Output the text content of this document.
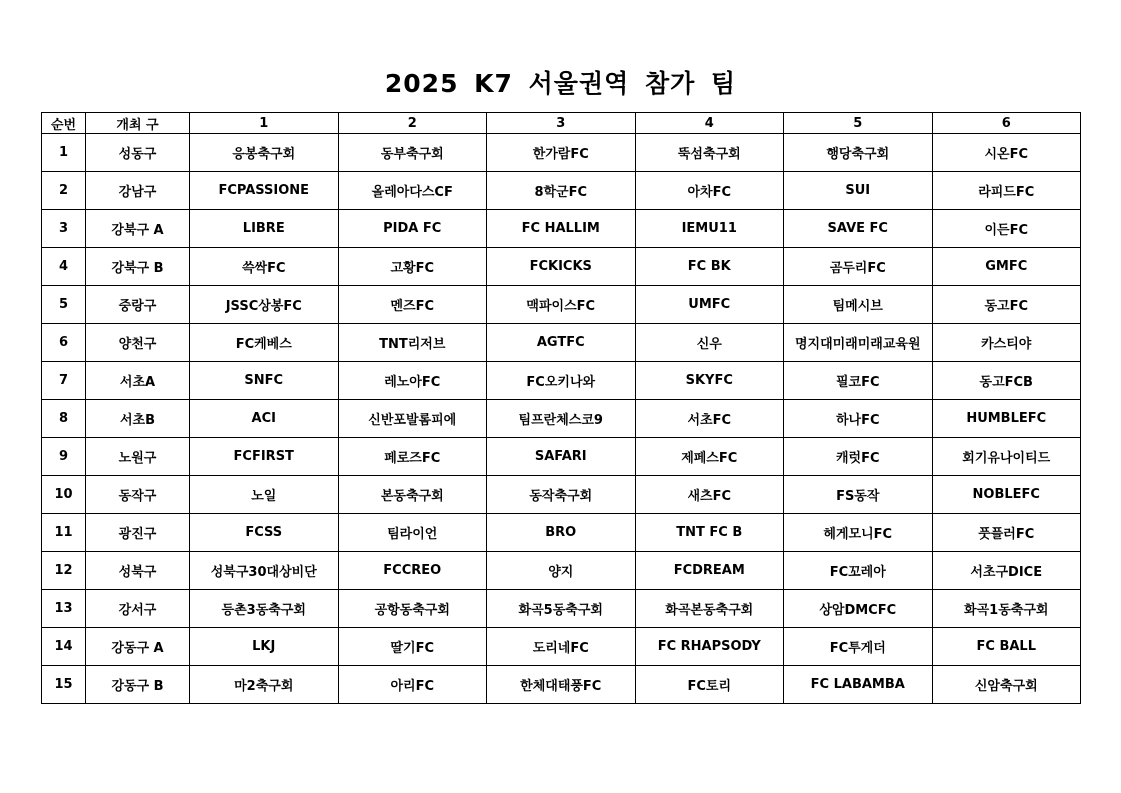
2025 K7 서울권역 참가 팀
순번	개최 구	1	2	3	4	5	6
1	성동구	응봉축구회	동부축구회	한가람FC	뚝섬축구회	행당축구회	시온FC
2	강남구	FCPASSIONE	올레아다스CF	8학군FC	아차FC	SUI	라피드FC
3	강북구 A	LIBRE	PIDA FC	FC HALLIM	IEMU11	SAVE FC	이든FC
4	강북구 B	쓱싹FC	고황FC	FCKICKS	FC BK	곰두리FC	GMFC
5	중랑구	JSSC상봉FC	멘즈FC	맥파이스FC	UMFC	팀메시브	동고FC
6	양천구	FC케베스	TNT리저브	AGTFC	신우	명지대미래미래교육원	카스티야
7	서초A	SNFC	레노아FC	FC오키나와	SKYFC	필코FC	동고FCB
8	서초B	ACI	신반포발롬피에	팀프란체스코9	서초FC	하나FC	HUMBLEFC
9	노원구	FCFIRST	페로즈FC	SAFARI	제페스FC	캐럿FC	회기유나이티드
10	동작구	노일	본동축구회	동작축구회	새츠FC	FS동작	NOBLEFC
11	광진구	FCSS	팀라이언	BRO	TNT FC B	헤게모니FC	풋플러FC
12	성북구	성북구30대상비단	FCCREO	양지	FCDREAM	FC꼬레아	서초구DICE
13	강서구	등촌3동축구회	공항동축구회	화곡5동축구회	화곡본동축구회	상암DMCFC	화곡1동축구회
14	강동구 A	LKJ	딸기FC	도리네FC	FC RHAPSODY	FC투게더	FC BALL
15	강동구 B	마2축구회	아리FC	한체대태풍FC	FC토리	FC LABAMBA	신암축구회
